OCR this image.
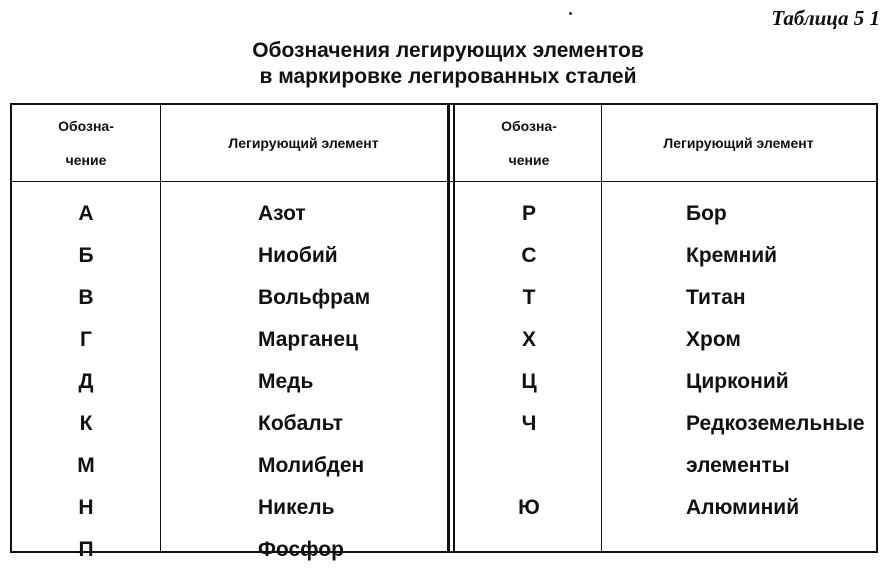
Таблица 5 1
Обозначения легирующих элементов
в маркировке легированных сталей
Обозна-
чение
Легирующий элемент
Обозна-
чение
Легирующий элемент
А	Азот
Б	Ниобий
В	Вольфрам
Г	Марганец
Д	Медь
К	Кобальт
М	Молибден
Н	Никель
П	Фосфор
Р	Бор
С	Кремний
Т	Титан
Х	Хром
Ц	Цирконий
Ч	Редкоземельные
элементы
Ю	Алюминий
